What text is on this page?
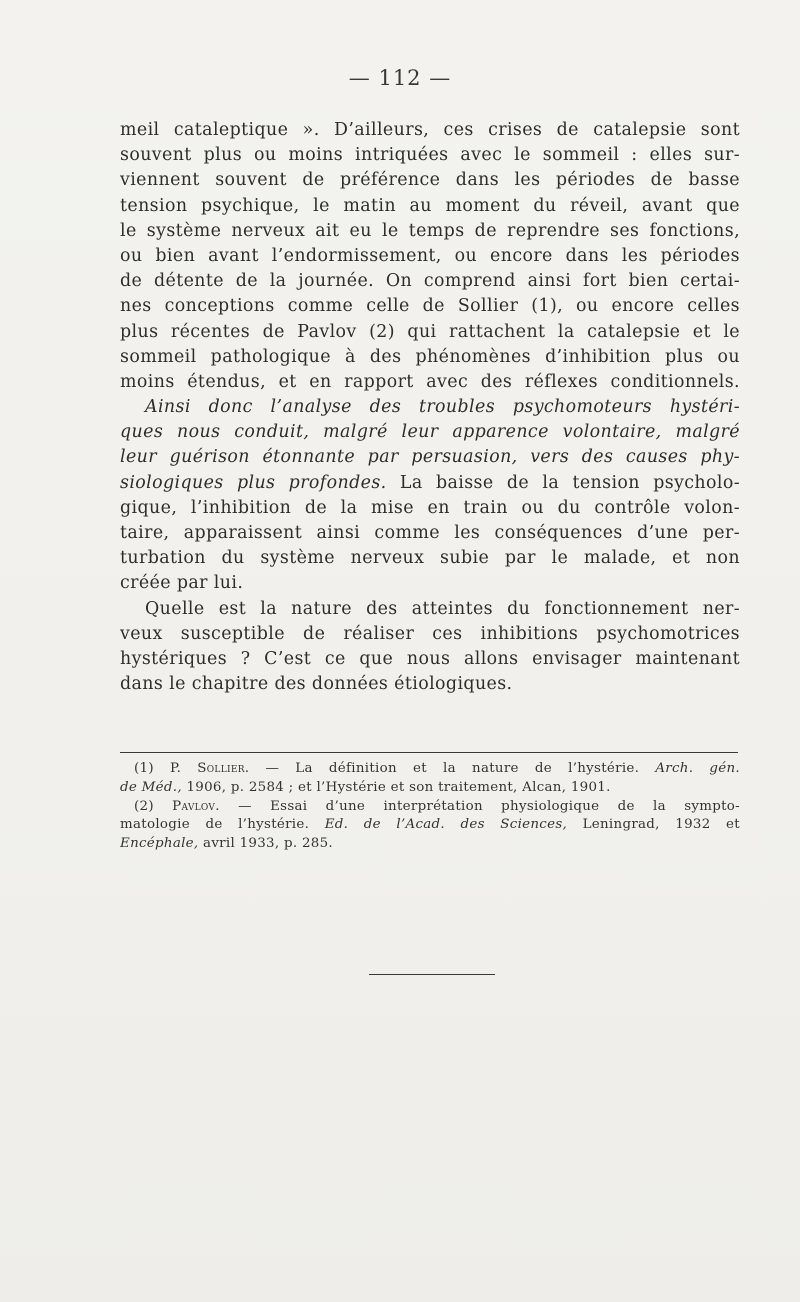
— 112 —
meil cataleptique ». D’ailleurs, ces crises de catalepsie sont
souvent plus ou moins intriquées avec le sommeil : elles sur-
viennent souvent de préférence dans les périodes de basse
tension psychique, le matin au moment du réveil, avant que
le système nerveux ait eu le temps de reprendre ses fonctions,
ou bien avant l’endormissement, ou encore dans les périodes
de détente de la journée. On comprend ainsi fort bien certai-
nes conceptions comme celle de Sollier (1), ou encore celles
plus récentes de Pavlov (2) qui rattachent la catalepsie et le
sommeil pathologique à des phénomènes d’inhibition plus ou
moins étendus, et en rapport avec des réflexes conditionnels.
Ainsi donc l’analyse des troubles psychomoteurs hystéri-
ques nous conduit, malgré leur apparence volontaire, malgré
leur guérison étonnante par persuasion, vers des causes phy-
siologiques plus profondes. La baisse de la tension psycholo-
gique, l’inhibition de la mise en train ou du contrôle volon-
taire, apparaissent ainsi comme les conséquences d’une per-
turbation du système nerveux subie par le malade, et non
créée par lui.
Quelle est la nature des atteintes du fonctionnement ner-
veux susceptible de réaliser ces inhibitions psychomotrices
hystériques ? C’est ce que nous allons envisager maintenant
dans le chapitre des données étiologiques.
(1) P. Sollier. — La définition et la nature de l’hystérie. Arch. gén.
de Méd., 1906, p. 2584 ; et l’Hystérie et son traitement, Alcan, 1901.
(2) Pavlov. — Essai d’une interprétation physiologique de la sympto-
matologie de l’hystérie. Ed. de l’Acad. des Sciences, Leningrad, 1932 et
Encéphale, avril 1933, p. 285.
